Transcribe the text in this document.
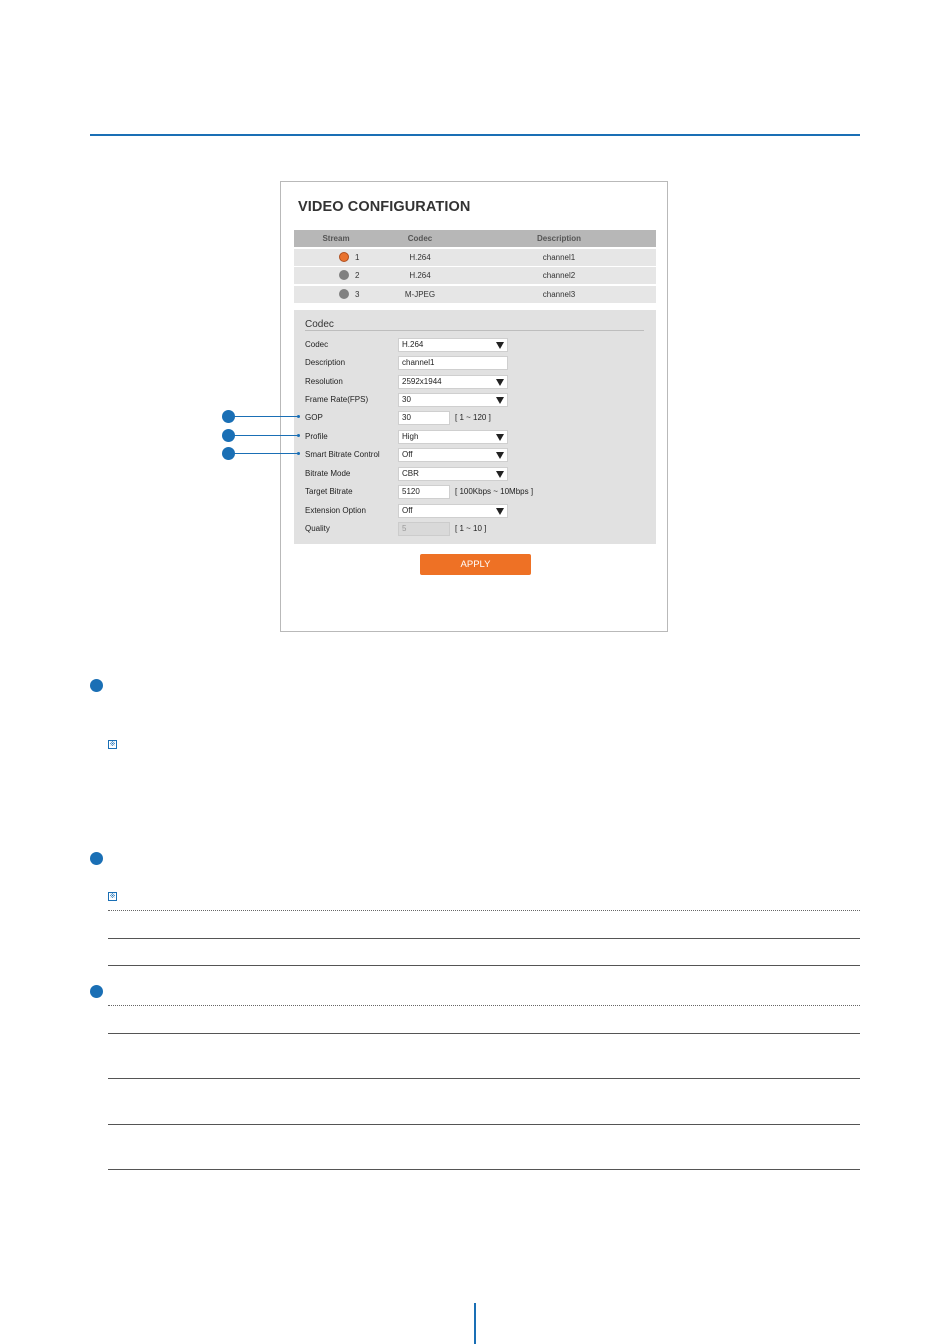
VIDEO CONFIGURATION
Stream	Codec	Description
1	H.264	channel1
2	H.264	channel2
3	M-JPEG	channel3
Codec
Codec	H.264
Description	channel1
Resolution	2592x1944
Frame Rate(FPS)	30
GOP	30	[ 1 ~ 120 ]
Profile	High
Smart Bitrate Control	Off
Bitrate Mode	CBR
Target Bitrate	5120	[ 100Kbps ~ 10Mbps ]
Extension Option	Off
Quality	5	[ 1 ~ 10 ]
APPLY
※
※
